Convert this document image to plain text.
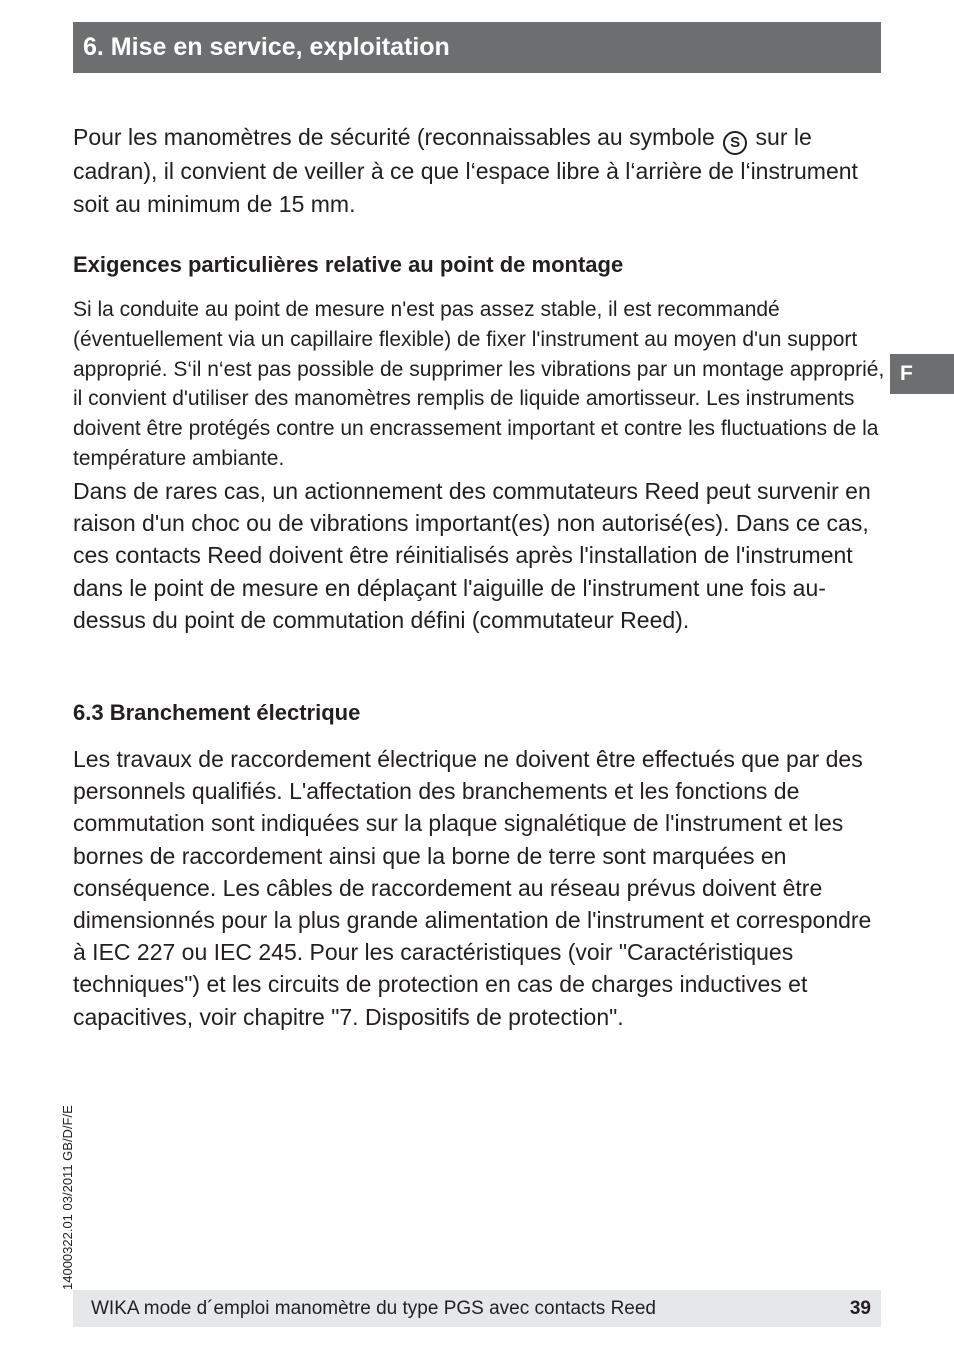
6. Mise en service, exploitation

Pour les manomètres de sécurité (reconnaissables au symbole S sur le cadran), il convient de veiller à ce que l‘espace libre à l‘arrière de l‘instrument soit au minimum de 15 mm.

Exigences particulières relative au point de montage

Si la conduite au point de mesure n'est pas assez stable, il est recommandé (éventuellement via un capillaire flexible) de fixer l'instrument au moyen d'un support approprié. S‘il n‘est pas possible de supprimer les vibrations par un montage approprié, il convient d'utiliser des manomètres remplis de liquide amortisseur. Les instruments doivent être protégés contre un encrassement important et contre les fluctuations de la température ambiante.

Dans de rares cas, un actionnement des commutateurs Reed peut survenir en raison d'un choc ou de vibrations important(es) non autorisé(es). Dans ce cas, ces contacts Reed doivent être réinitialisés après l'installation de l'instrument dans le point de mesure en déplaçant l'aiguille de l'instrument une fois au-dessus du point de commutation défini (commutateur Reed).

6.3 Branchement électrique

Les travaux de raccordement électrique ne doivent être effectués que par des personnels qualifiés. L'affectation des branchements et les fonctions de commutation sont indiquées sur la plaque signalétique de l'instrument et les bornes de raccordement ainsi que la borne de terre sont marquées en conséquence. Les câbles de raccordement au réseau prévus doivent être dimensionnés pour la plus grande alimentation de l'instrument et correspondre à IEC 227 ou IEC 245. Pour les caractéristiques (voir "Caractéristiques techniques") et les circuits de protection en cas de charges inductives et capacitives, voir chapitre "7. Dispositifs de protection".

F
14000322.01 03/2011 GB/D/F/E
WIKA mode d´emploi manomètre du type PGS avec contacts Reed	39
